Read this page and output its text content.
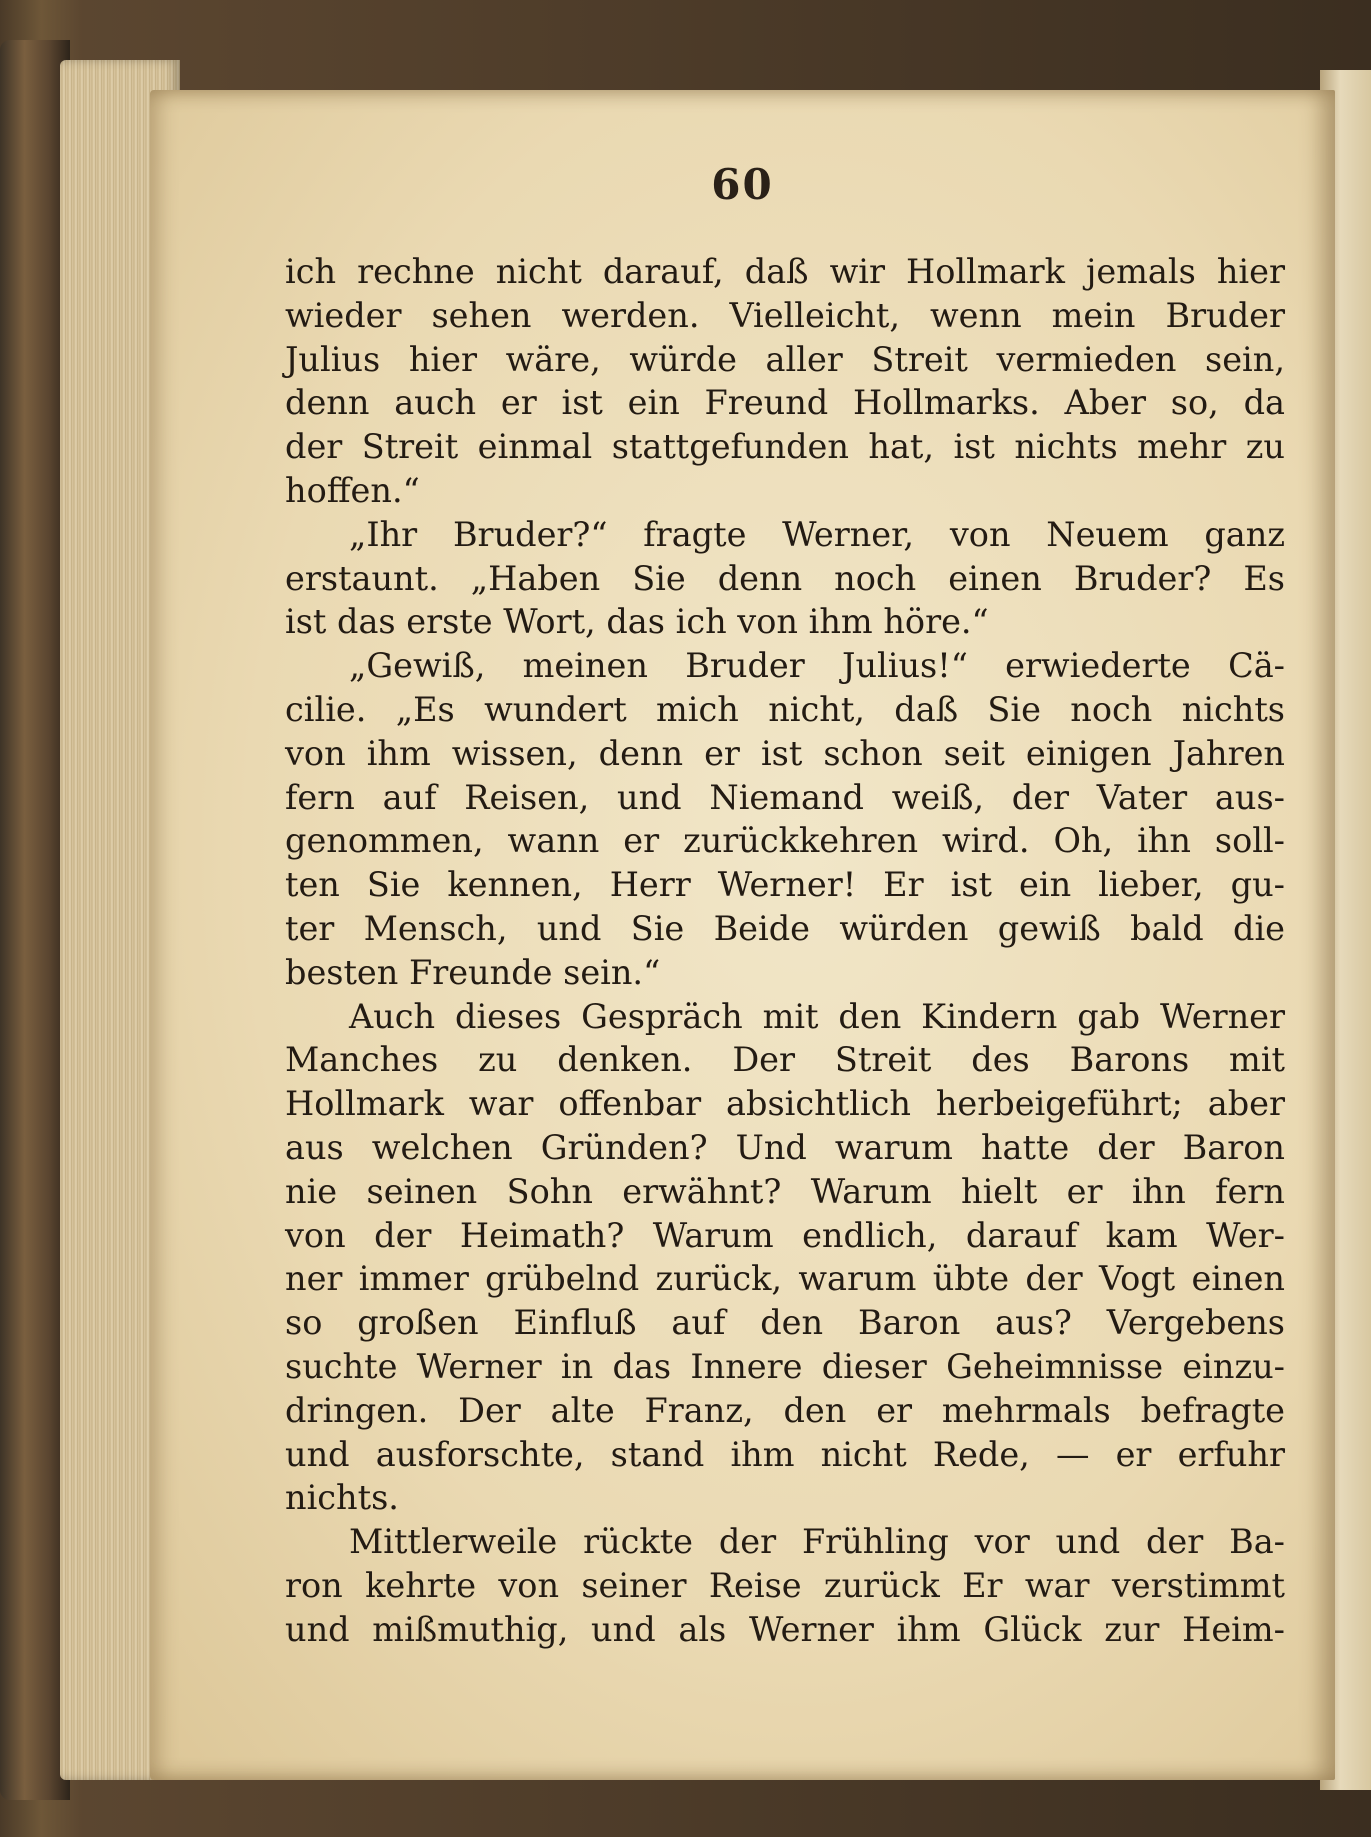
60
ich rechne nicht darauf, daß wir Hollmark jemals hier
wieder sehen werden. Vielleicht, wenn mein Bruder
Julius hier wäre, würde aller Streit vermieden sein,
denn auch er ist ein Freund Hollmarks. Aber so, da
der Streit einmal stattgefunden hat, ist nichts mehr zu
hoffen.“
„Ihr Bruder?“ fragte Werner, von Neuem ganz
erstaunt. „Haben Sie denn noch einen Bruder? Es
ist das erste Wort, das ich von ihm höre.“
„Gewiß, meinen Bruder Julius!“ erwiederte Cä-
cilie. „Es wundert mich nicht, daß Sie noch nichts
von ihm wissen, denn er ist schon seit einigen Jahren
fern auf Reisen, und Niemand weiß, der Vater aus-
genommen, wann er zurückkehren wird. Oh, ihn soll-
ten Sie kennen, Herr Werner! Er ist ein lieber, gu-
ter Mensch, und Sie Beide würden gewiß bald die
besten Freunde sein.“
Auch dieses Gespräch mit den Kindern gab Werner
Manches zu denken. Der Streit des Barons mit
Hollmark war offenbar absichtlich herbeigeführt; aber
aus welchen Gründen? Und warum hatte der Baron
nie seinen Sohn erwähnt? Warum hielt er ihn fern
von der Heimath? Warum endlich, darauf kam Wer-
ner immer grübelnd zurück, warum übte der Vogt einen
so großen Einfluß auf den Baron aus? Vergebens
suchte Werner in das Innere dieser Geheimnisse einzu-
dringen. Der alte Franz, den er mehrmals befragte
und ausforschte, stand ihm nicht Rede, — er erfuhr
nichts.
Mittlerweile rückte der Frühling vor und der Ba-
ron kehrte von seiner Reise zurück Er war verstimmt
und mißmuthig, und als Werner ihm Glück zur Heim-
